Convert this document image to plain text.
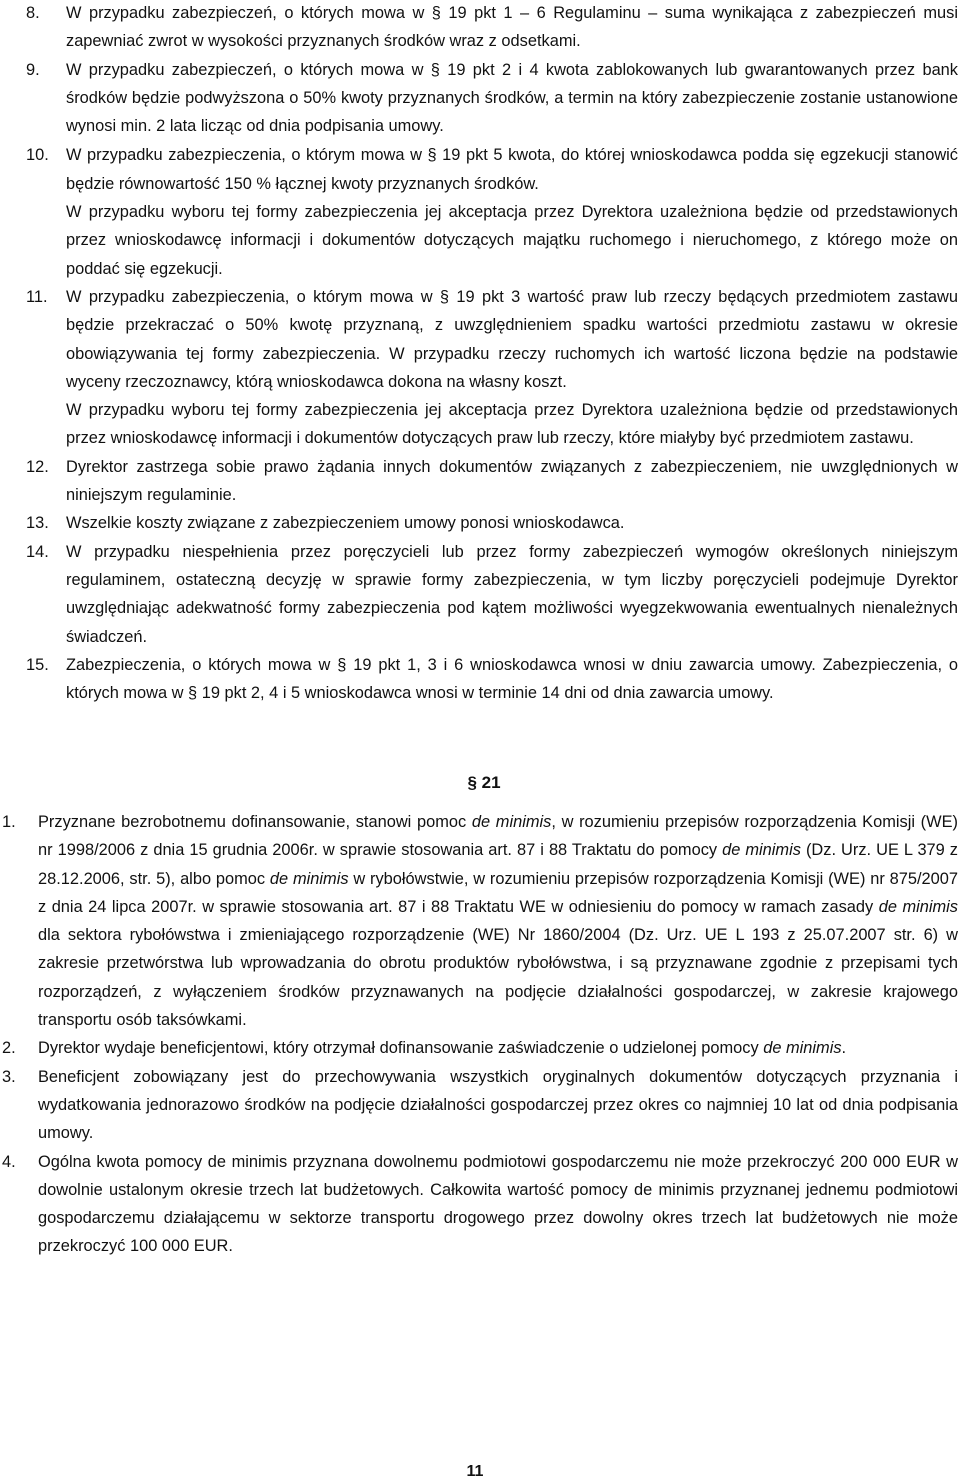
8. W przypadku zabezpieczeń, o których mowa w § 19 pkt 1 – 6 Regulaminu – suma wynikająca z zabezpieczeń musi zapewniać zwrot w wysokości przyznanych środków wraz z odsetkami.

9. W przypadku zabezpieczeń, o których mowa w § 19 pkt 2 i 4 kwota zablokowanych lub gwarantowanych przez bank środków będzie podwyższona o 50% kwoty przyznanych środków, a termin na który zabezpieczenie zostanie ustanowione wynosi min. 2 lata licząc od dnia podpisania umowy.

10. W przypadku zabezpieczenia, o którym mowa w § 19 pkt 5 kwota, do której wnioskodawca podda się egzekucji stanowić będzie równowartość 150 % łącznej kwoty przyznanych środków.

W przypadku wyboru tej formy zabezpieczenia jej akceptacja przez Dyrektora uzależniona będzie od przedstawionych przez wnioskodawcę informacji i dokumentów dotyczących majątku ruchomego i nieruchomego, z którego może on poddać się egzekucji.

11. W przypadku zabezpieczenia, o którym mowa w § 19 pkt 3 wartość praw lub rzeczy będących przedmiotem zastawu będzie przekraczać o 50% kwotę przyznaną, z uwzględnieniem spadku wartości przedmiotu zastawu w okresie obowiązywania tej formy zabezpieczenia. W przypadku rzeczy ruchomych ich wartość liczona będzie na podstawie wyceny rzeczoznawcy, którą wnioskodawca dokona na własny koszt.

W przypadku wyboru tej formy zabezpieczenia jej akceptacja przez Dyrektora uzależniona będzie od przedstawionych przez wnioskodawcę informacji i dokumentów dotyczących praw lub rzeczy, które miałyby być przedmiotem zastawu.

12. Dyrektor zastrzega sobie prawo żądania innych dokumentów związanych z zabezpieczeniem, nie uwzględnionych w niniejszym regulaminie.

13. Wszelkie koszty związane z zabezpieczeniem umowy ponosi wnioskodawca.

14. W przypadku niespełnienia przez poręczycieli lub przez formy zabezpieczeń wymogów określonych niniejszym regulaminem, ostateczną decyzję w sprawie formy zabezpieczenia, w tym liczby poręczycieli podejmuje Dyrektor uwzględniając adekwatność formy zabezpieczenia pod kątem możliwości wyegzekwowania ewentualnych nienależnych świadczeń.

15. Zabezpieczenia, o których mowa w § 19 pkt 1, 3 i 6 wnioskodawca wnosi w dniu zawarcia umowy. Zabezpieczenia, o których mowa w § 19 pkt 2, 4 i 5 wnioskodawca wnosi w terminie 14 dni od dnia zawarcia umowy.

§ 21
1. Przyznane bezrobotnemu dofinansowanie, stanowi pomoc de minimis, w rozumieniu przepisów rozporządzenia Komisji (WE) nr 1998/2006 z dnia 15 grudnia 2006r. w sprawie stosowania art. 87 i 88 Traktatu do pomocy de minimis (Dz. Urz. UE L 379 z 28.12.2006, str. 5), albo pomoc de minimis w rybołówstwie, w rozumieniu przepisów rozporządzenia Komisji (WE) nr 875/2007 z dnia 24 lipca 2007r. w sprawie stosowania art. 87 i 88 Traktatu WE w odniesieniu do pomocy w ramach zasady de minimis dla sektora rybołówstwa i zmieniającego rozporządzenie (WE) Nr 1860/2004 (Dz. Urz. UE L 193 z 25.07.2007 str. 6) w zakresie przetwórstwa lub wprowadzania do obrotu produktów rybołówstwa, i są przyznawane zgodnie z przepisami tych rozporządzeń, z wyłączeniem środków przyznawanych na podjęcie działalności gospodarczej, w zakresie krajowego transportu osób taksówkami.

2. Dyrektor wydaje beneficjentowi, który otrzymał dofinansowanie zaświadczenie o udzielonej pomocy de minimis.

3. Beneficjent zobowiązany jest do przechowywania wszystkich oryginalnych dokumentów dotyczących przyznania i wydatkowania jednorazowo środków na podjęcie działalności gospodarczej przez okres co najmniej 10 lat od dnia podpisania umowy.

4. Ogólna kwota pomocy de minimis przyznana dowolnemu podmiotowi gospodarczemu nie może przekroczyć 200 000 EUR w dowolnie ustalonym okresie trzech lat budżetowych. Całkowita wartość pomocy de minimis przyznanej jednemu podmiotowi gospodarczemu działającemu w sektorze transportu drogowego przez dowolny okres trzech lat budżetowych nie może przekroczyć 100 000 EUR.

11
